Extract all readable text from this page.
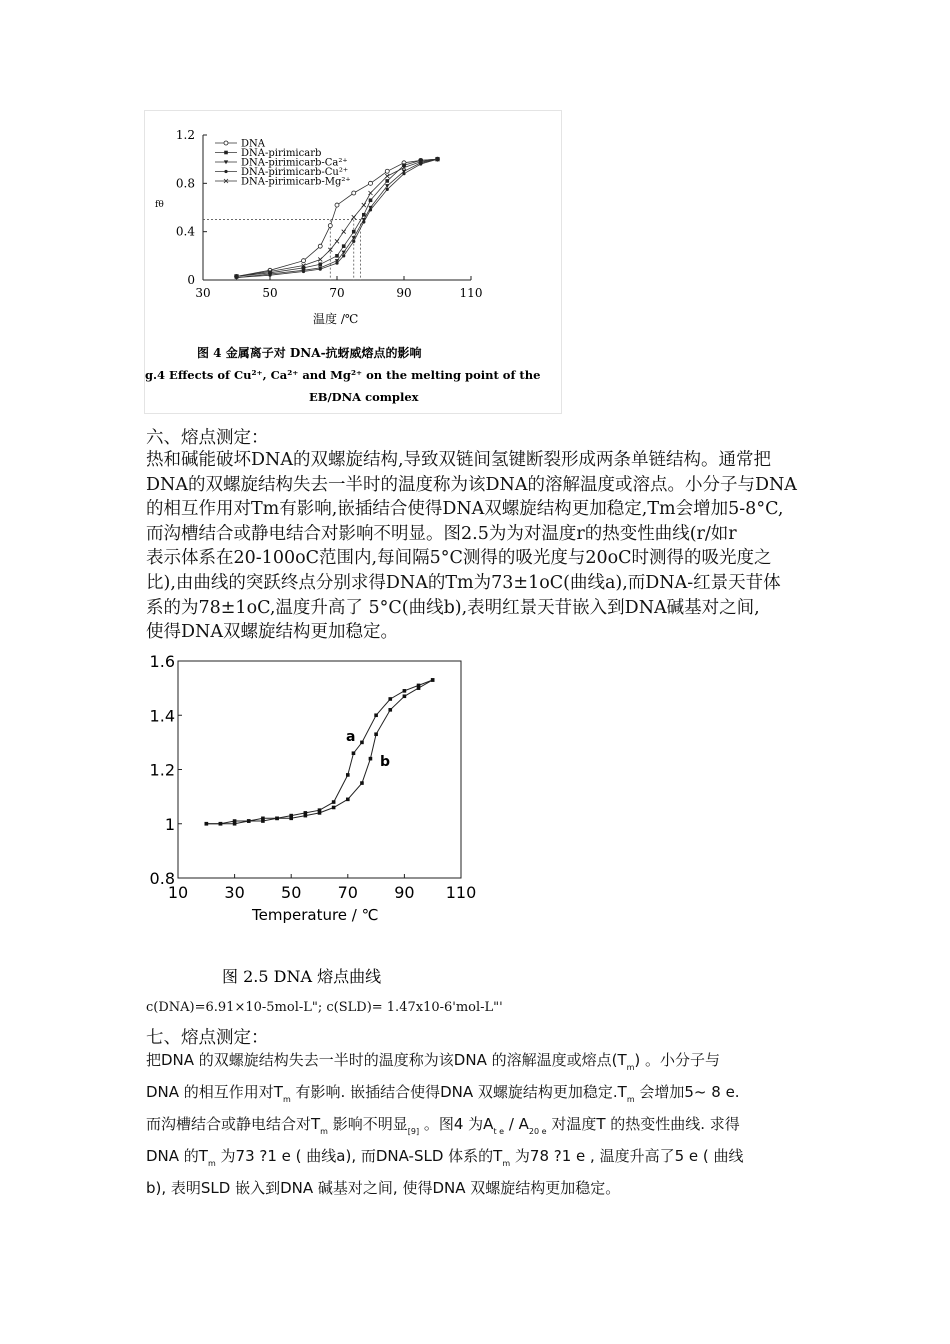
0
0.4
0.8
1.2
30	50	70	90	110
DNA
DNA-pirimicarb
DNA-pirimicarb-Ca²⁺
DNA-pirimicarb-Cu²⁺
DNA-pirimicarb-Mg²⁺
fθ
温度 /℃
图 4 金属离子对 DNA-抗蚜威熔点的影响
g.4 Effects of Cu²⁺, Ca²⁺ and Mg²⁺ on the melting point of the
EB/DNA complex
六、熔点测定：
热和碱能破坏DNA的双螺旋结构,导致双链间氢键断裂形成两条单链结构。通常把
DNA的双螺旋结构失去一半时的温度称为该DNA的溶解温度或溶点。小分子与DNA
的相互作用对Tm有影响,嵌插结合使得DNA双螺旋结构更加稳定,Tm会增加5-8°C,
而沟槽结合或静电结合对影响不明显。图2.5为为对温度r的热变性曲线(r/如r
表示体系在20-100oC范围内,每间隔5°C测得的吸光度与20oC时测得的吸光度之
比),由曲线的突跃终点分别求得DNA的Tm为73±1oC(曲线a),而DNA-红景天苷体
系的为78±1oC,温度升高了 5°C(曲线b),表明红景天苷嵌入到DNA碱基对之间,
使得DNA双螺旋结构更加稳定。
0.8
1
1.2
1.4
1.6
10 30 50 70 90 110
a
b
Temperature / ℃
图 2.5 DNA 熔点曲线
c(DNA)=6.91×10-5mol-L"; c(SLD)= 1.47x10-6'mol-L"'
七、熔点测定：
把DNA 的双螺旋结构失去一半时的温度称为该DNA 的溶解温度或熔点$(T_m)$ 。小分子与
DNA 的相互作用对$T_m$ 有影响. 嵌插结合使得DNA 双螺旋结构更加稳定$.T_m$ 会增加5~ 8 e.
而沟槽结合或静电结合对$T_m$ 影响不明显$_{[9]}$ 。图4 为$A_{t e} / A_{20 e}$ 对温度T 的热变性曲线. 求得
DNA 的$T_m$ 为73 ?1 e ( 曲线a), 而DNA-SLD 体系的$T_m$ 为78 ?1 e , 温度升高了5 e ( 曲线
b), 表明SLD 嵌入到DNA 碱基对之间, 使得DNA 双螺旋结构更加稳定。
